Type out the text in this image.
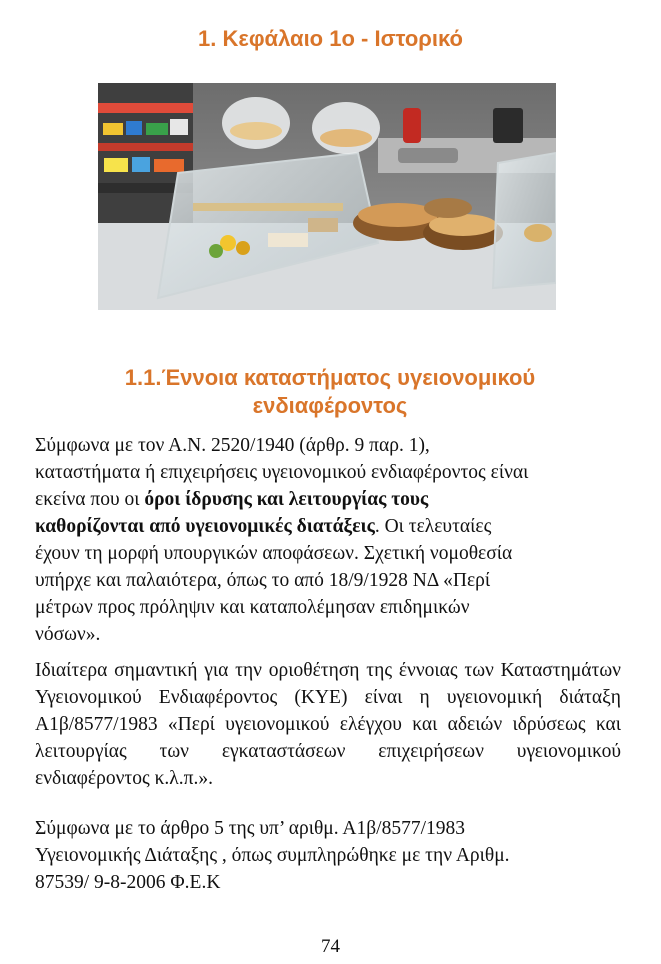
1. Κεφάλαιο 1ο - Ιστορικό
1.1.Έννοια καταστήματος υγειονομικού
ενδιαφέροντος
Σύμφωνα με τον Α.Ν. 2520/1940 (άρθρ. 9 παρ. 1),
καταστήματα ή επιχειρήσεις υγειονομικού ενδιαφέροντος είναι
εκείνα που οι όροι ίδρυσης και λειτουργίας τους
καθορίζονται από υγειονομικές διατάξεις. Οι τελευταίες
έχουν τη μορφή υπουργικών αποφάσεων. Σχετική νομοθεσία
υπήρχε και παλαιότερα, όπως το από 18/9/1928 ΝΔ «Περί
μέτρων προς πρόληψιν και καταπολέμησαν επιδημικών
νόσων».
Ιδιαίτερα σημαντική για την οριοθέτηση της έννοιας των Καταστημάτων Υγειονομικού Ενδιαφέροντος (ΚΥΕ) είναι η υγειονομική διάταξη Α1β/8577/1983 «Περί υγειονομικού ελέγχου και αδειών ιδρύσεως και λειτουργίας των εγκαταστάσεων επιχειρήσεων υγειονομικού ενδιαφέροντος κ.λ.π.».
Σύμφωνα με το άρθρο 5 της υπ’ αριθμ. Α1β/8577/1983
Υγειονομικής Διάταξης , όπως συμπληρώθηκε με την Αριθμ.
87539/ 9-8-2006 Φ.Ε.Κ
74
